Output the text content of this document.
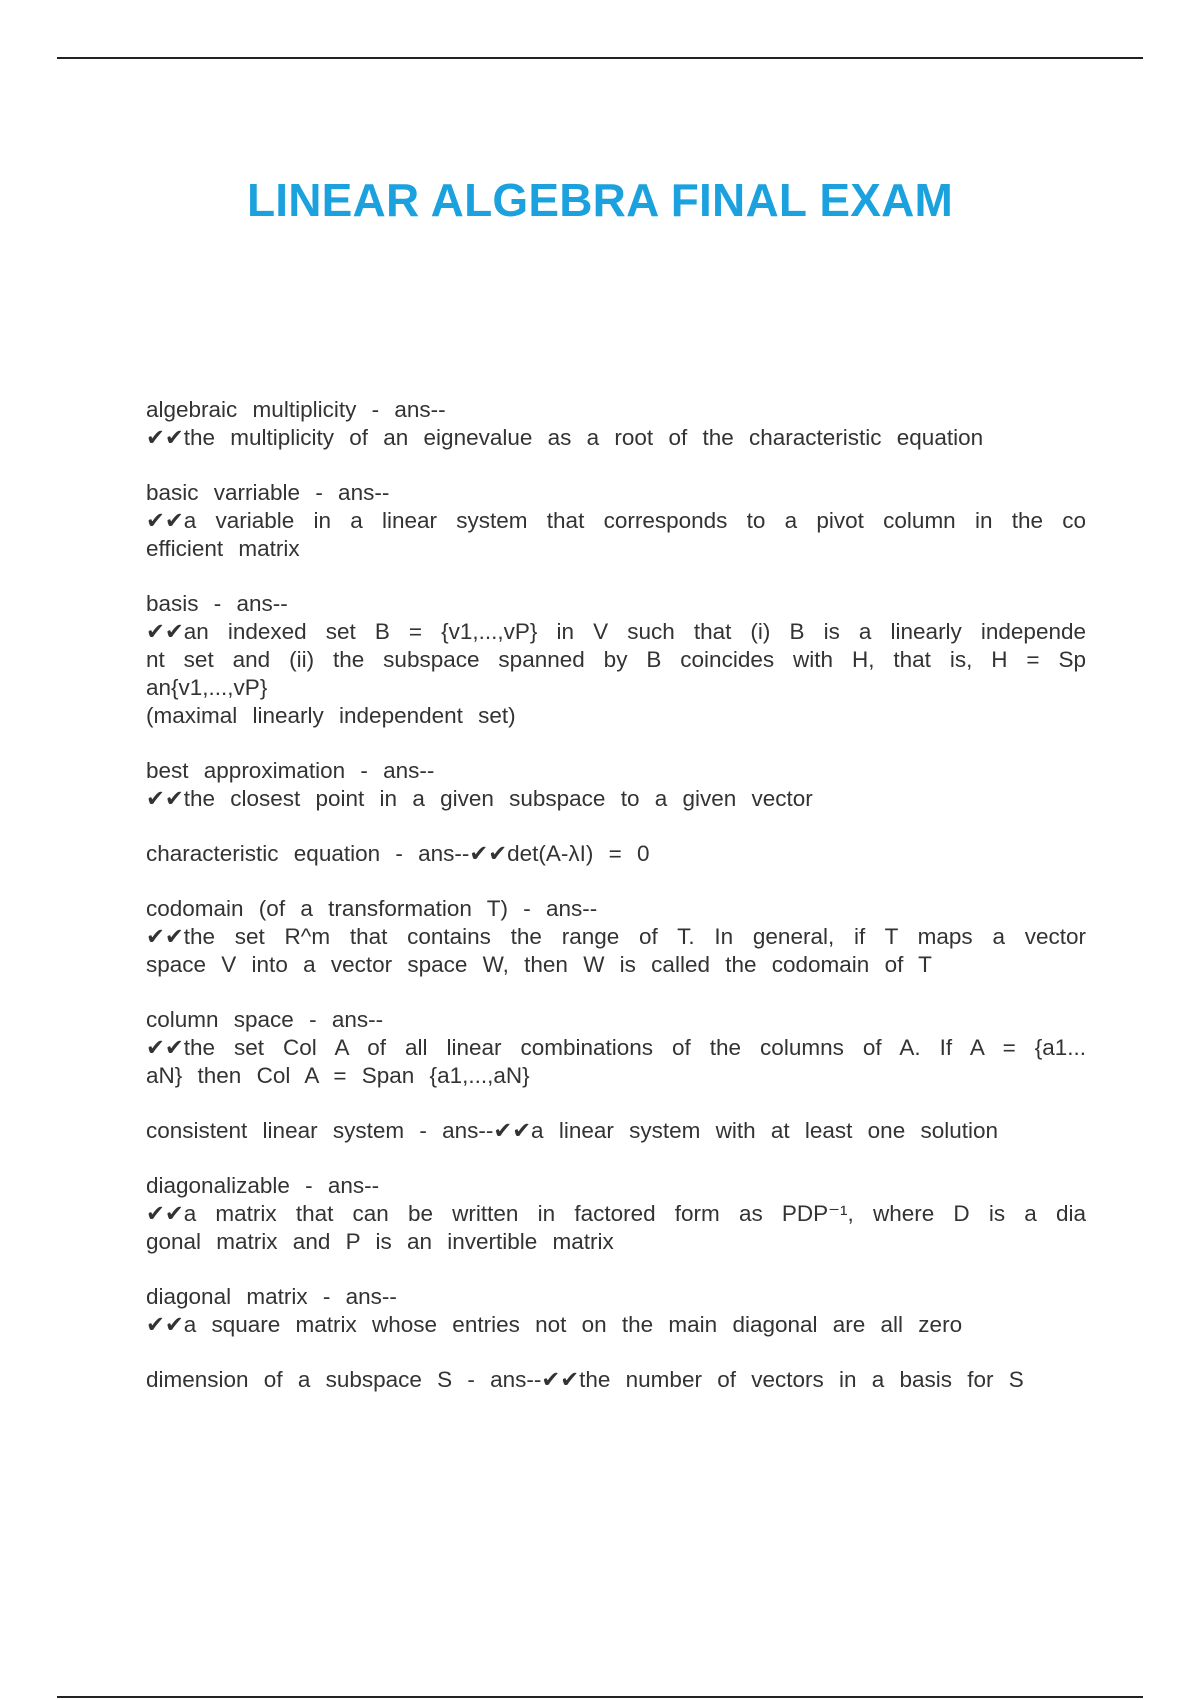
LINEAR ALGEBRA FINAL EXAM
algebraic multiplicity - ans--
✔✔the multiplicity of an eignevalue as a root of the characteristic equation
basic varriable - ans--
✔✔a variable in a linear system that corresponds to a pivot column in the co
efficient matrix
basis - ans--
✔✔an indexed set B = {v1,...,vP} in V such that (i) B is a linearly independe
nt set and (ii) the subspace spanned by B coincides with H, that is, H = Sp
an{v1,...,vP}
(maximal linearly independent set)
best approximation - ans--
✔✔the closest point in a given subspace to a given vector
characteristic equation - ans--✔✔det(A-λI) = 0
codomain (of a transformation T) - ans--
✔✔the set R^m that contains the range of T. In general, if T maps a vector
space V into a vector space W, then W is called the codomain of T
column space - ans--
✔✔the set Col A of all linear combinations of the columns of A. If A = {a1...
aN} then Col A = Span {a1,...,aN}
consistent linear system - ans--✔✔a linear system with at least one solution
diagonalizable - ans--
✔✔a matrix that can be written in factored form as PDP⁻¹, where D is a dia
gonal matrix and P is an invertible matrix
diagonal matrix - ans--
✔✔a square matrix whose entries not on the main diagonal are all zero
dimension of a subspace S - ans--✔✔the number of vectors in a basis for S
